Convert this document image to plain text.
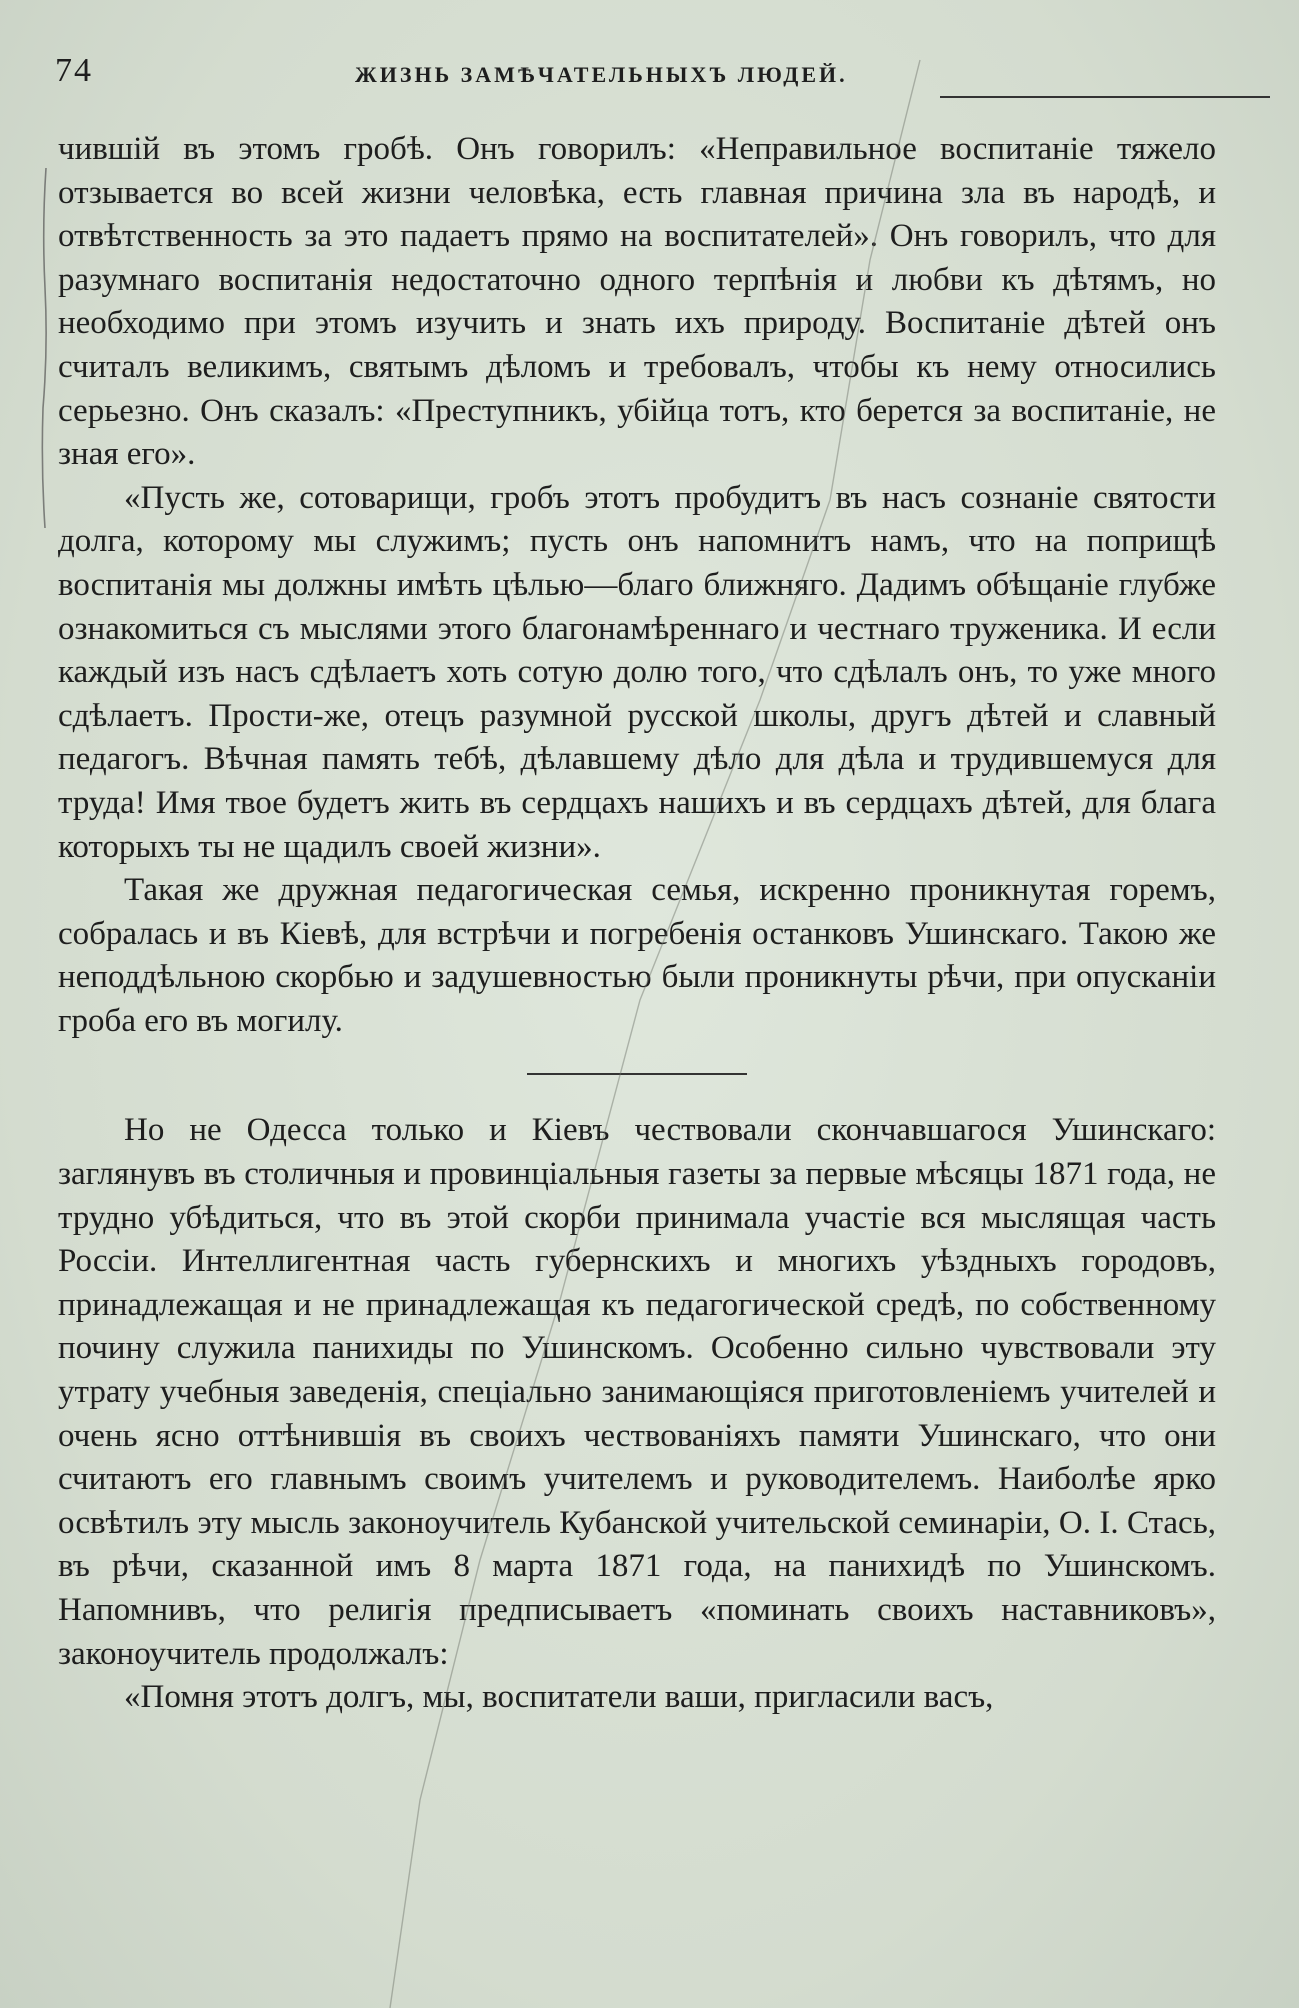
74	ЖИЗНЬ ЗАМѢЧАТЕЛЬНЫХЪ ЛЮДЕЙ.

чившій въ этомъ гробѣ. Онъ говорилъ: «Неправильное воспитаніе тяжело отзывается во всей жизни человѣка, есть главная причина зла въ народѣ, и отвѣтственность за это падаетъ прямо на воспитателей». Онъ говорилъ, что для разумнаго воспитанія недостаточно одного терпѣнія и любви къ дѣтямъ, но необходимо при этомъ изучить и знать ихъ природу. Воспитаніе дѣтей онъ считалъ великимъ, святымъ дѣломъ и требовалъ, чтобы къ нему относились серьезно. Онъ сказалъ: «Преступникъ, убійца тотъ, кто берется за воспитаніе, не зная его».

«Пусть же, сотоварищи, гробъ этотъ пробудитъ въ насъ сознаніе святости долга, которому мы служимъ; пусть онъ напомнитъ намъ, что на поприщѣ воспитанія мы должны имѣть цѣлью—благо ближняго. Дадимъ обѣщаніе глубже ознакомиться съ мыслями этого благонамѣреннаго и честнаго труженика. И если каждый изъ насъ сдѣлаетъ хоть сотую долю того, что сдѣлалъ онъ, то уже много сдѣлаетъ. Прости-же, отецъ разумной русской школы, другъ дѣтей и славный педагогъ. Вѣчная память тебѣ, дѣлавшему дѣло для дѣла и трудившемуся для труда! Имя твое будетъ жить въ сердцахъ нашихъ и въ сердцахъ дѣтей, для блага которыхъ ты не щадилъ своей жизни».

Такая же дружная педагогическая семья, искренно проникнутая горемъ, собралась и въ Кіевѣ, для встрѣчи и погребенія останковъ Ушинскаго. Такою же неподдѣльною скорбью и задушевностью были проникнуты рѣчи, при опусканіи гроба его въ могилу.

Но не Одесса только и Кіевъ чествовали скончавшагося Ушинскаго: заглянувъ въ столичныя и провинціальныя газеты за первые мѣсяцы 1871 года, не трудно убѣдиться, что въ этой скорби принимала участіе вся мыслящая часть Россіи. Интеллигентная часть губернскихъ и многихъ уѣздныхъ городовъ, принадлежащая и не принадлежащая къ педагогической средѣ, по собственному почину служила панихиды по Ушинскомъ. Особенно сильно чувствовали эту утрату учебныя заведенія, спеціально занимающіяся приготовленіемъ учителей и очень ясно оттѣнившія въ своихъ чествованіяхъ памяти Ушинскаго, что они считаютъ его главнымъ своимъ учителемъ и руководителемъ. Наиболѣе ярко освѣтилъ эту мысль законоучитель Кубанской учительской семинаріи, О. І. Стась, въ рѣчи, сказанной имъ 8 марта 1871 года, на панихидѣ по Ушинскомъ. Напомнивъ, что религія предписываетъ «поминать своихъ наставниковъ», законоучитель продолжалъ:

«Помня этотъ долгъ, мы, воспитатели ваши, пригласили васъ,
